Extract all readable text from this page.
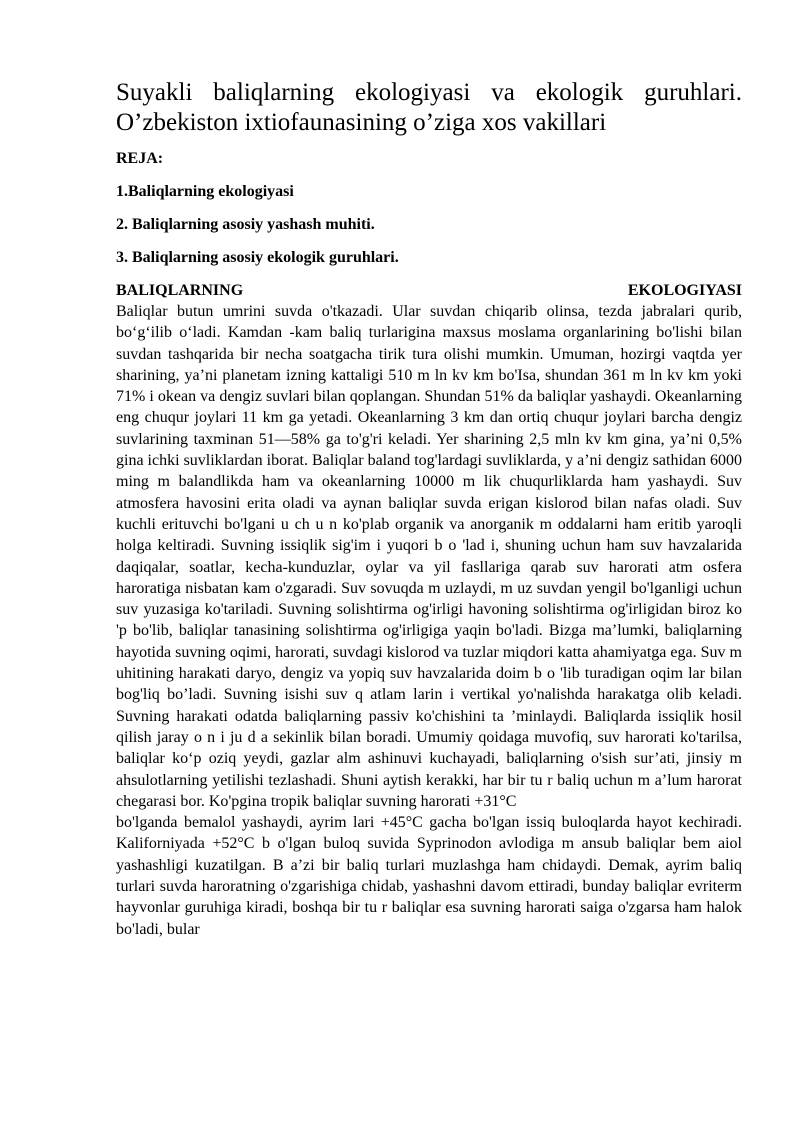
Suyakli baliqlarning ekologiyasi va ekologik guruhlari.
O’zbekiston ixtiofaunasining o’ziga xos vakillari
REJA:
1.Baliqlarning ekologiyasi
2. Baliqlarning asosiy yashash muhiti.
3. Baliqlarning asosiy ekologik guruhlari.
BALIQLARNING	EKOLOGIYASI

Baliqlar butun umrini suvda o'tkazadi. Ular suvdan chiqarib olinsa, tezda jabralari qurib, bo‘g‘ilib o‘ladi. Kamdan -kam baliq turlarigina maxsus moslama organlarining bo'lishi bilan suvdan tashqarida bir necha soatgacha tirik tura olishi mumkin. Umuman, hozirgi vaqtda yer sharining, ya’ni planetam izning kattaligi 510 m ln kv km bo'Isa, shundan 361 m ln kv km yoki 71% i okean va dengiz suvlari bilan qoplangan. Shundan 51% da baliqlar yashaydi. Okeanlarning eng chuqur joylari 11 km ga yetadi. Okeanlarning 3 km dan ortiq chuqur joylari barcha dengiz suvlarining taxminan 51—58% ga to'g'ri keladi. Yer sharining 2,5 mln kv km gina, ya’ni 0,5% gina ichki suvliklardan iborat. Baliqlar baland tog'lardagi suvliklarda, y a’ni dengiz sathidan 6000 ming m balandlikda ham va okeanlarning 10000 m lik chuqurliklarda ham yashaydi. Suv atmosfera havosini erita oladi va aynan baliqlar suvda erigan kislorod bilan nafas oladi. Suv kuchli erituvchi bo'lgani u ch u n ko'plab organik va anorganik m oddalarni ham eritib yaroqli holga keltiradi. Suvning issiqlik sig'im i yuqori b o 'lad i, shuning uchun ham suv havzalarida daqiqalar, soatlar, kecha-kunduzlar, oylar va yil fasllariga qarab suv harorati atm osfera haroratiga nisbatan kam o'zgaradi. Suv sovuqda m uzlaydi, m uz suvdan yengil bo'lganligi uchun suv yuzasiga ko'tariladi. Suvning solishtirma og'irligi havoning solishtirma og'irligidan biroz ko 'p bo'lib, baliqlar tanasining solishtirma og'irligiga yaqin bo'ladi. Bizga ma’lumki, baliqlarning hayotida suvning oqimi, harorati, suvdagi kislorod va tuzlar miqdori katta ahamiyatga ega. Suv m uhitining harakati daryo, dengiz va yopiq suv havzalarida doim b o 'lib turadigan oqim lar bilan bog'liq bo’ladi. Suvning isishi suv q atlam larin i vertikal yo'nalishda harakatga olib keladi. Suvning harakati odatda baliqlarning passiv ko'chishini ta ’minlaydi. Baliqlarda issiqlik hosil qilish jaray o n i ju d a sekinlik bilan boradi. Umumiy qoidaga muvofiq, suv harorati ko'tarilsa, baliqlar ko‘p oziq yeydi, gazlar alm ashinuvi kuchayadi, baliqlarning o'sish sur’ati, jinsiy m ahsulotlarning yetilishi tezlashadi. Shuni aytish kerakki, har bir tu r baliq uchun m a’lum harorat chegarasi bor. Ko'pgina tropik baliqlar suvning harorati +31°C

bo'lganda bemalol yashaydi, ayrim lari +45°C gacha bo'lgan issiq buloqlarda hayot kechiradi. Kaliforniyada +52°C b o'lgan buloq suvida Syprinodon avlodiga m ansub baliqlar bem aiol yashashligi kuzatilgan. B a’zi bir baliq turlari muzlashga ham chidaydi. Demak, ayrim baliq turlari suvda haroratning o'zgarishiga chidab, yashashni davom ettiradi, bunday baliqlar evriterm hayvonlar guruhiga kiradi, boshqa bir tu r baliqlar esa suvning harorati saiga o'zgarsa ham halok bo'ladi, bular
